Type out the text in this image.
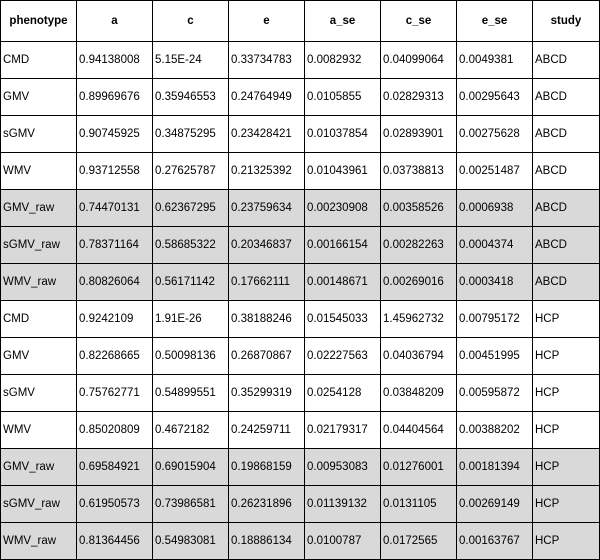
phenotype	a	c	e	a_se	c_se	e_se	study
CMD	0.94138008	5.15E-24	0.33734783	0.0082932	0.04099064	0.0049381	ABCD
GMV	0.89969676	0.35946553	0.24764949	0.0105855	0.02829313	0.00295643	ABCD
sGMV	0.90745925	0.34875295	0.23428421	0.01037854	0.02893901	0.00275628	ABCD
WMV	0.93712558	0.27625787	0.21325392	0.01043961	0.03738813	0.00251487	ABCD
GMV_raw	0.74470131	0.62367295	0.23759634	0.00230908	0.00358526	0.0006938	ABCD
sGMV_raw	0.78371164	0.58685322	0.20346837	0.00166154	0.00282263	0.0004374	ABCD
WMV_raw	0.80826064	0.56171142	0.17662111	0.00148671	0.00269016	0.0003418	ABCD
CMD	0.9242109	1.91E-26	0.38188246	0.01545033	1.45962732	0.00795172	HCP
GMV	0.82268665	0.50098136	0.26870867	0.02227563	0.04036794	0.00451995	HCP
sGMV	0.75762771	0.54899551	0.35299319	0.0254128	0.03848209	0.00595872	HCP
WMV	0.85020809	0.4672182	0.24259711	0.02179317	0.04404564	0.00388202	HCP
GMV_raw	0.69584921	0.69015904	0.19868159	0.00953083	0.01276001	0.00181394	HCP
sGMV_raw	0.61950573	0.73986581	0.26231896	0.01139132	0.0131105	0.00269149	HCP
WMV_raw	0.81364456	0.54983081	0.18886134	0.0100787	0.0172565	0.00163767	HCP
